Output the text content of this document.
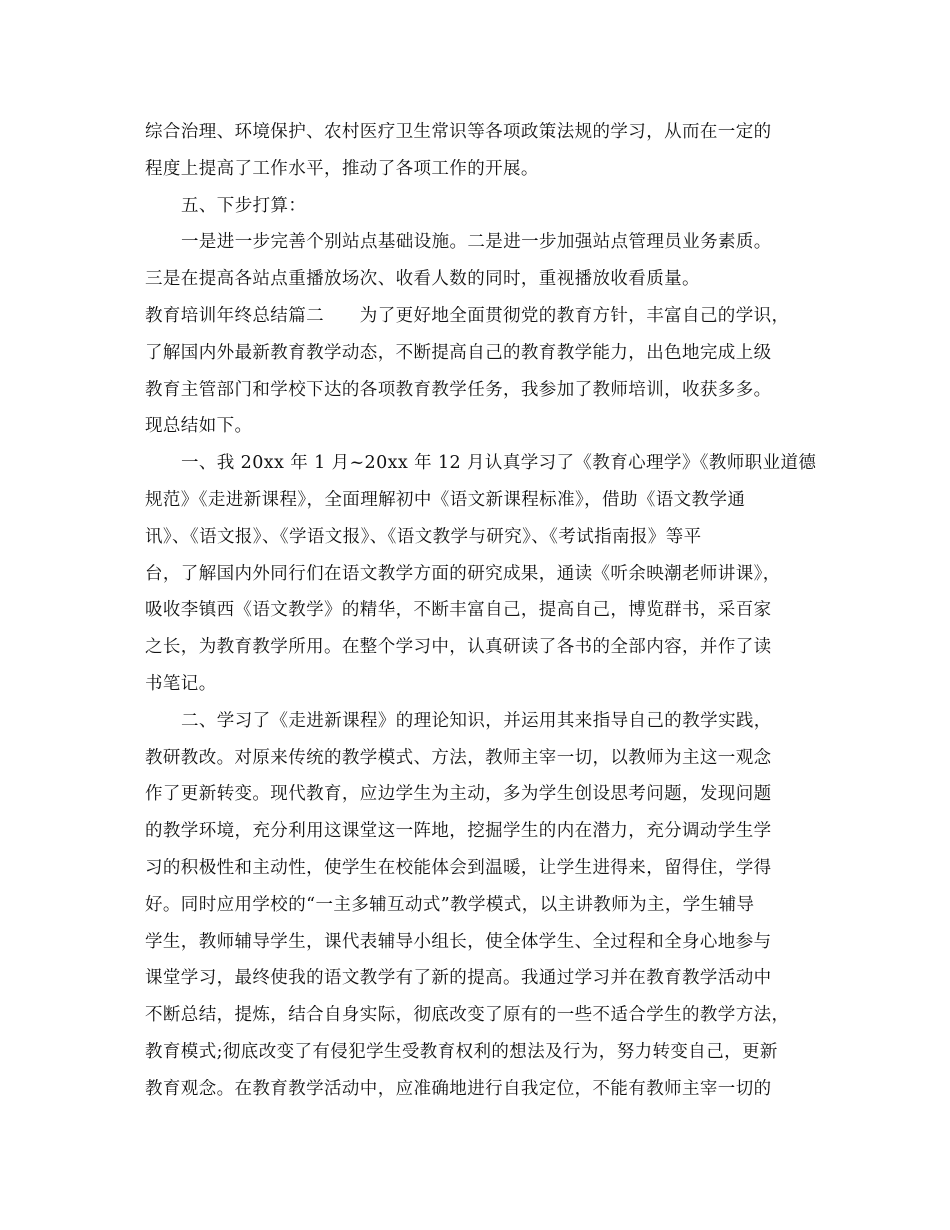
综合治理、环境保护、农村医疗卫生常识等各项政策法规的学习，从而在一定的
程度上提高了工作水平，推动了各项工作的开展。
五、下步打算：
一是进一步完善个别站点基础设施。二是进一步加强站点管理员业务素质。
三是在提高各站点重播放场次、收看人数的同时，重视播放收看质量。
教育培训年终总结篇二　　为了更好地全面贯彻党的教育方针，丰富自己的学识，
了解国内外最新教育教学动态，不断提高自己的教育教学能力，出色地完成上级
教育主管部门和学校下达的各项教育教学任务，我参加了教师培训，收获多多。
现总结如下。
一、我 20xx 年 1 月~20xx 年 12 月认真学习了《教育心理学》《教师职业道德
规范》《走进新课程》，全面理解初中《语文新课程标准》，借助《语文教学通
讯》、《语文报》、《学语文报》、《语文教学与研究》、《考试指南报》等平
台，了解国内外同行们在语文教学方面的研究成果，通读《听余映潮老师讲课》，
吸收李镇西《语文教学》的精华，不断丰富自己，提高自己，博览群书，采百家
之长，为教育教学所用。在整个学习中，认真研读了各书的全部内容，并作了读
书笔记。
二、学习了《走进新课程》的理论知识，并运用其来指导自己的教学实践，
教研教改。对原来传统的教学模式、方法，教师主宰一切，以教师为主这一观念
作了更新转变。现代教育，应边学生为主动，多为学生创设思考问题，发现问题
的教学环境，充分利用这课堂这一阵地，挖掘学生的内在潜力，充分调动学生学
习的积极性和主动性，使学生在校能体会到温暖，让学生进得来，留得住，学得
好。同时应用学校的“一主多辅互动式”教学模式，以主讲教师为主，学生辅导
学生，教师辅导学生，课代表辅导小组长，使全体学生、全过程和全身心地参与
课堂学习，最终使我的语文教学有了新的提高。我通过学习并在教育教学活动中
不断总结，提炼，结合自身实际，彻底改变了原有的一些不适合学生的教学方法，
教育模式;彻底改变了有侵犯学生受教育权利的想法及行为，努力转变自己，更新
教育观念。在教育教学活动中，应准确地进行自我定位，不能有教师主宰一切的
